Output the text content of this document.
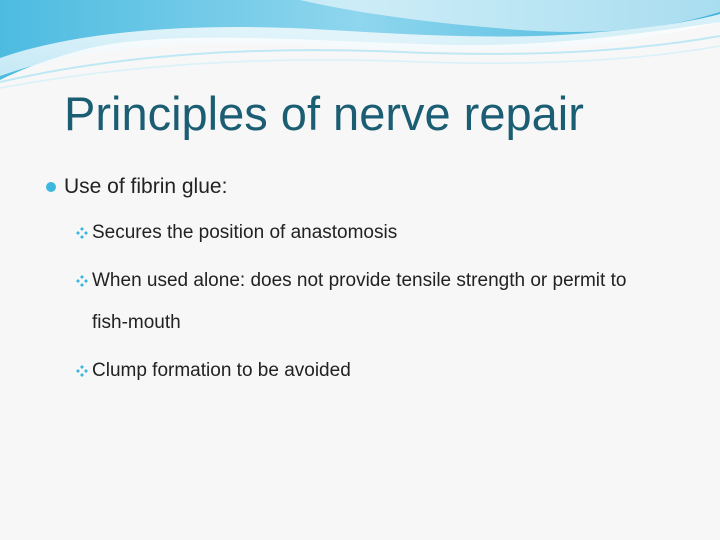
Principles of nerve repair
Use of fibrin glue:
Secures the position of anastomosis
When used alone: does not provide tensile strength or permit to fish-mouth
Clump formation to be avoided
